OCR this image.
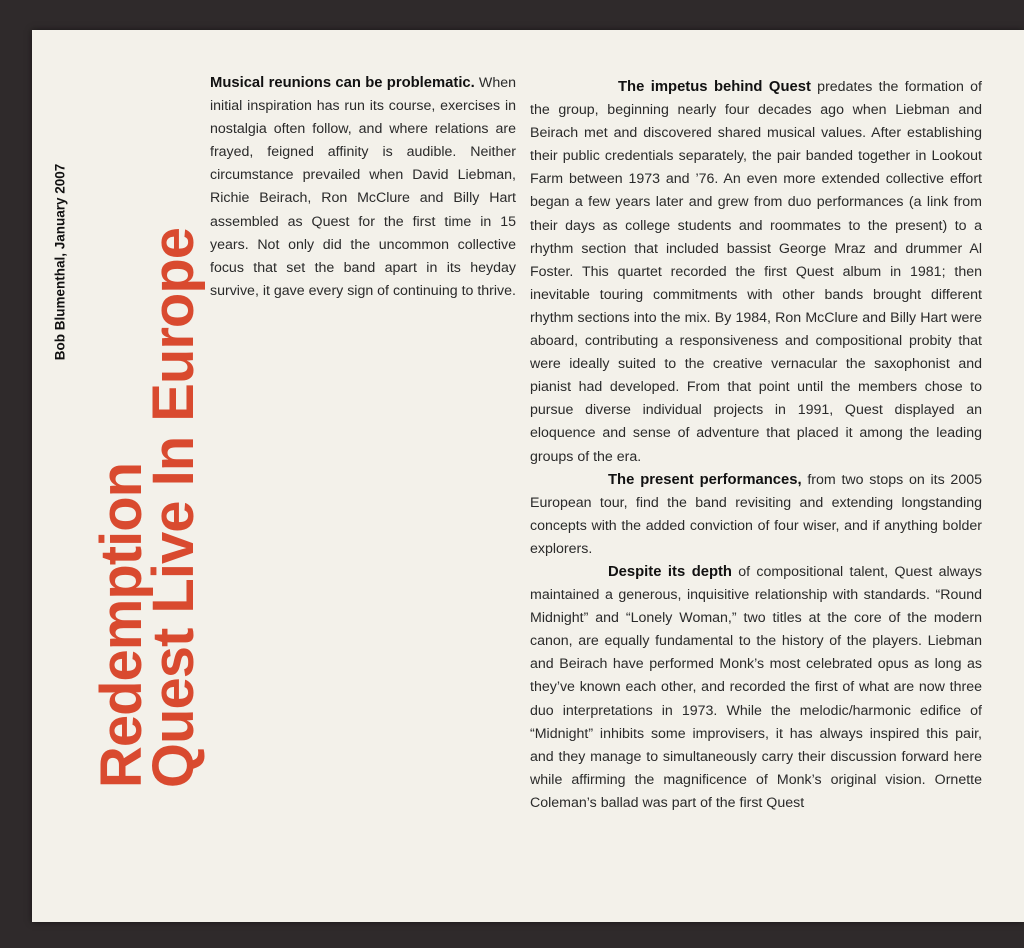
Bob Blumenthal, January 2007
Redemption
Quest Live In Europe

Musical reunions can be problematic. When initial inspiration has run its course, exercises in nostalgia often follow, and where relations are frayed, feigned affinity is audible. Neither circumstance prevailed when David Liebman, Richie Beirach, Ron McClure and Billy Hart assembled as Quest for the first time in 15 years. Not only did the uncommon collective focus that set the band apart in its heyday survive, it gave every sign of continuing to thrive.

The impetus behind Quest predates the formation of the group, beginning nearly four decades ago when Liebman and Beirach met and discovered shared musical values. After establishing their public credentials separately, the pair banded together in Lookout Farm between 1973 and ’76. An even more extended collective effort began a few years later and grew from duo performances (a link from their days as college students and roommates to the present) to a rhythm section that included bassist George Mraz and drummer Al Foster. This quartet recorded the first Quest album in 1981; then inevitable touring commitments with other bands brought different rhythm sections into the mix. By 1984, Ron McClure and Billy Hart were aboard, contributing a responsiveness and compositional probity that were ideally suited to the creative vernacular the saxophonist and pianist had developed. From that point until the members chose to pursue diverse individual projects in 1991, Quest displayed an eloquence and sense of adventure that placed it among the leading groups of the era.

The present performances, from two stops on its 2005 European tour, find the band revisiting and extending longstanding concepts with the added conviction of four wiser, and if anything bolder explorers.

Despite its depth of compositional talent, Quest always maintained a generous, inquisitive relationship with standards. “Round Midnight” and “Lonely Woman,” two titles at the core of the modern canon, are equally fundamental to the history of the players. Liebman and Beirach have performed Monk’s most celebrated opus as long as they’ve known each other, and recorded the first of what are now three duo interpretations in 1973. While the melodic/harmonic edifice of “Midnight” inhibits some improvisers, it has always inspired this pair, and they manage to simultaneously carry their discussion forward here while affirming the magnificence of Monk’s original vision. Ornette Coleman’s ballad was part of the first Quest
